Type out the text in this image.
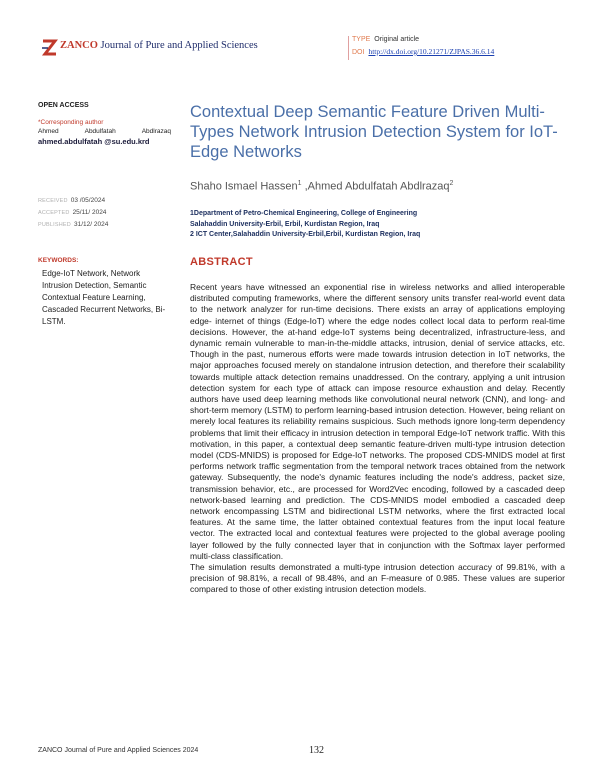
ZANCO Journal of Pure and Applied Sciences
TYPE Original article
DOI http://dx.doi.org/10.21271/ZJPAS.36.6.14
OPEN ACCESS
*Corresponding author
Ahmed	Abdulfatah	Abdlrazaq
ahmed.abdulfatah @su.edu.krd
RECEIVED 03 /05/2024
ACCEPTED 25/11/ 2024
PUBLISHED 31/12/ 2024
KEYWORDS:
Edge-IoT Network, Network Intrusion Detection, Semantic Contextual Feature Learning, Cascaded Recurrent Networks, Bi-LSTM.
Contextual Deep Semantic Feature Driven Multi-Types Network Intrusion Detection System for IoT-Edge Networks
Shaho Ismael Hassen$^1$ ,Ahmed Abdulfatah Abdlrazaq$^2$
1Department of Petro-Chemical Engineering, College of Engineering
Salahaddin University-Erbil, Erbil, Kurdistan Region, Iraq
2 ICT Center,Salahaddin University-Erbil,Erbil, Kurdistan Region, Iraq
ABSTRACT

Recent years have witnessed an exponential rise in wireless networks and allied interoperable distributed computing frameworks, where the different sensory units transfer real-world event data to the network analyzer for run-time decisions. There exists an array of applications employing edge- internet of things (Edge-IoT) where the edge nodes collect local data to perform real-time decisions. However, the at-hand edge-IoT systems being decentralized, infrastructure-less, and dynamic remain vulnerable to man-in-the-middle attacks, intrusion, denial of service attacks, etc. Though in the past, numerous efforts were made towards intrusion detection in IoT networks, the major approaches focused merely on standalone intrusion detection, and therefore their scalability towards multiple attack detection remains unaddressed. On the contrary, applying a unit intrusion detection system for each type of attack can impose resource exhaustion and delay. Recently authors have used deep learning methods like convolutional neural network (CNN), and long- and short-term memory (LSTM) to perform learning-based intrusion detection. However, being reliant on merely local features its reliability remains suspicious. Such methods ignore long-term dependency problems that limit their efficacy in intrusion detection in temporal Edge-IoT network traffic. With this motivation, in this paper, a contextual deep semantic feature-driven multi-type intrusion detection model (CDS-MNIDS) is proposed for Edge-IoT networks. The proposed CDS-MNIDS model at first performs network traffic segmentation from the temporal network traces obtained from the network gateway. Subsequently, the node's dynamic features including the node's address, packet size, transmission behavior, etc., are processed for Word2Vec encoding, followed by a cascaded deep network-based learning and prediction. The CDS-MNIDS model embodied a cascaded deep network encompassing LSTM and bidirectional LSTM networks, where the first extracted local features. At the same time, the latter obtained contextual features from the input local feature vector. The extracted local and contextual features were projected to the global average pooling layer followed by the fully connected layer that in conjunction with the Softmax layer performed multi-class classification.

The simulation results demonstrated a multi-type intrusion detection accuracy of 99.81%, with a precision of 98.81%, a recall of 98.48%, and an F-measure of 0.985. These values are superior compared to those of other existing intrusion detection models.

ZANCO Journal of Pure and Applied Sciences 2024	132
